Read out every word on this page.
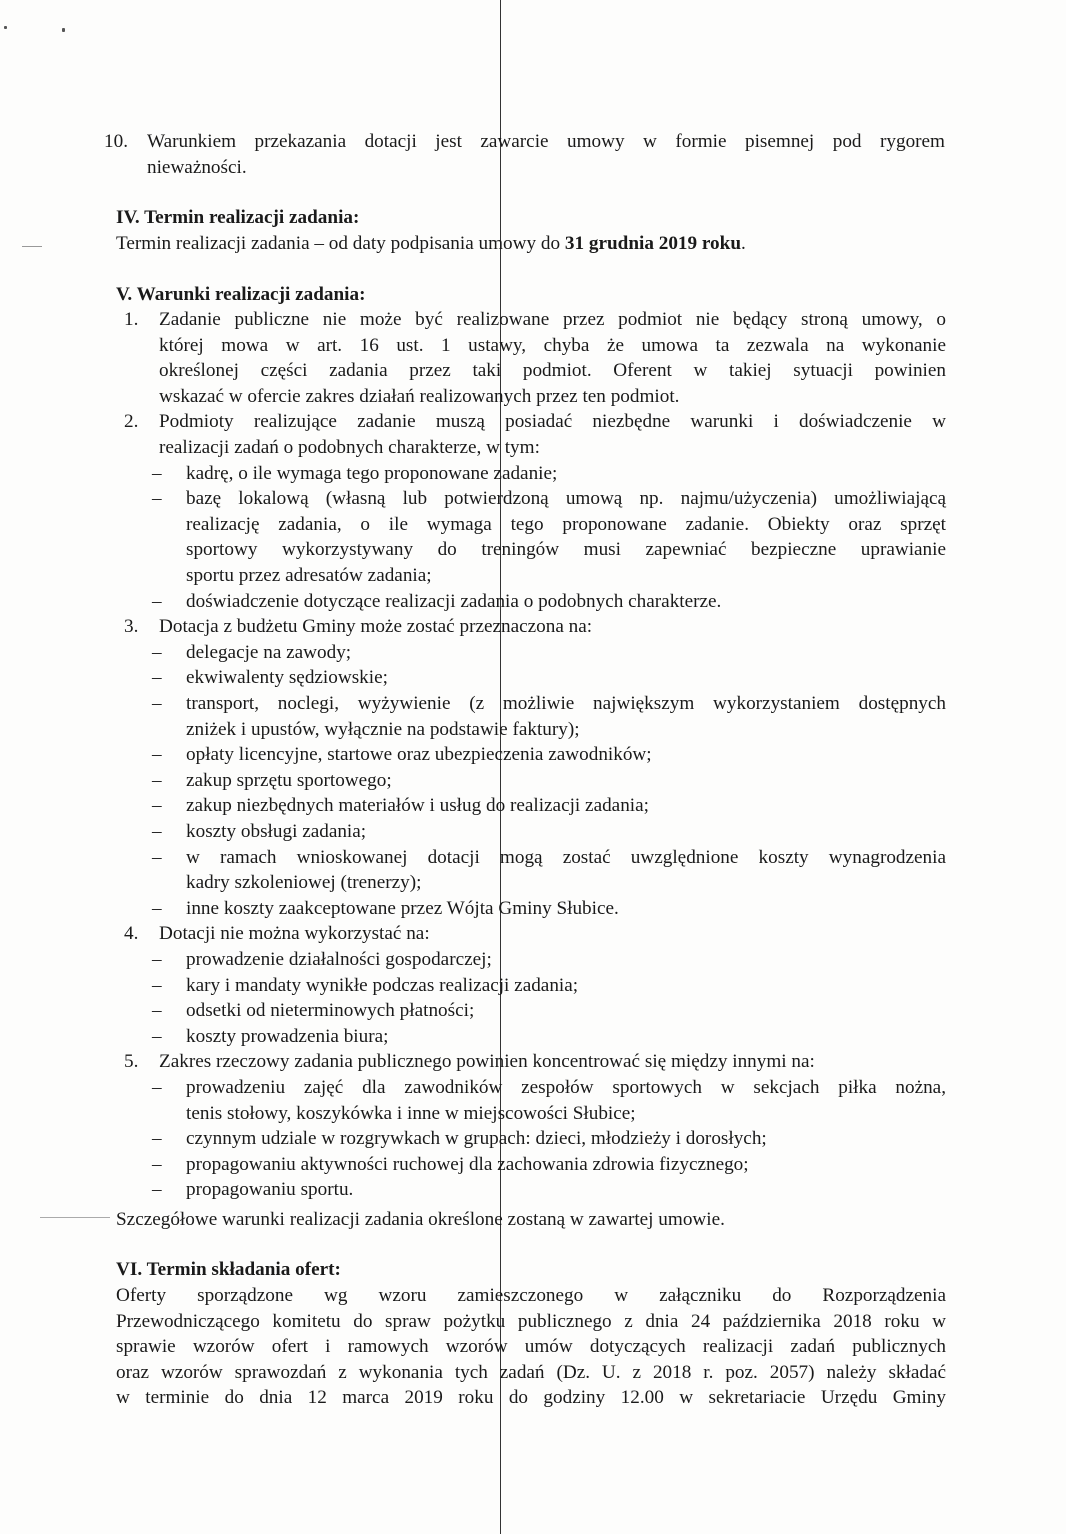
10. Warunkiem przekazania dotacji jest zawarcie umowy w formie pisemnej pod rygorem
nieważności.
IV. Termin realizacji zadania:
Termin realizacji zadania – od daty podpisania umowy do 31 grudnia 2019 roku.
V. Warunki realizacji zadania:
1. Zadanie publiczne nie może być realizowane przez podmiot nie będący stroną umowy, o
której mowa w art. 16 ust. 1 ustawy, chyba że umowa ta zezwala na wykonanie
określonej części zadania przez taki podmiot. Oferent w takiej sytuacji powinien
wskazać w ofercie zakres działań realizowanych przez ten podmiot.
2. Podmioty realizujące zadanie muszą posiadać niezbędne warunki i doświadczenie w
realizacji zadań o podobnych charakterze, w tym:
– kadrę, o ile wymaga tego proponowane zadanie;
– bazę lokalową (własną lub potwierdzoną umową np. najmu/użyczenia) umożliwiającą
realizację zadania, o ile wymaga tego proponowane zadanie. Obiekty oraz sprzęt
sportowy wykorzystywany do treningów musi zapewniać bezpieczne uprawianie
sportu przez adresatów zadania;
– doświadczenie dotyczące realizacji zadania o podobnych charakterze.
3. Dotacja z budżetu Gminy może zostać przeznaczona na:
– delegacje na zawody;
– ekwiwalenty sędziowskie;
– transport, noclegi, wyżywienie (z możliwie największym wykorzystaniem dostępnych
zniżek i upustów, wyłącznie na podstawie faktury);
– opłaty licencyjne, startowe oraz ubezpieczenia zawodników;
– zakup sprzętu sportowego;
– zakup niezbędnych materiałów i usług do realizacji zadania;
– koszty obsługi zadania;
– w ramach wnioskowanej dotacji mogą zostać uwzględnione koszty wynagrodzenia
kadry szkoleniowej (trenerzy);
– inne koszty zaakceptowane przez Wójta Gminy Słubice.
4. Dotacji nie można wykorzystać na:
– prowadzenie działalności gospodarczej;
– kary i mandaty wynikłe podczas realizacji zadania;
– odsetki od nieterminowych płatności;
– koszty prowadzenia biura;
5. Zakres rzeczowy zadania publicznego powinien koncentrować się między innymi na:
– prowadzeniu zajęć dla zawodników zespołów sportowych w sekcjach piłka nożna,
tenis stołowy, koszykówka i inne w miejscowości Słubice;
– czynnym udziale w rozgrywkach w grupach: dzieci, młodzieży i dorosłych;
– propagowaniu aktywności ruchowej dla zachowania zdrowia fizycznego;
– propagowaniu sportu.
Szczegółowe warunki realizacji zadania określone zostaną w zawartej umowie.
VI. Termin składania ofert:
Oferty sporządzone wg wzoru zamieszczonego w załączniku do Rozporządzenia
Przewodniczącego komitetu do spraw pożytku publicznego z dnia 24 października 2018 roku w
sprawie wzorów ofert i ramowych wzorów umów dotyczących realizacji zadań publicznych
oraz wzorów sprawozdań z wykonania tych zadań (Dz. U. z 2018 r. poz. 2057) należy składać
w terminie do dnia 12 marca 2019 roku do godziny 12.00 w sekretariacie Urzędu Gminy
